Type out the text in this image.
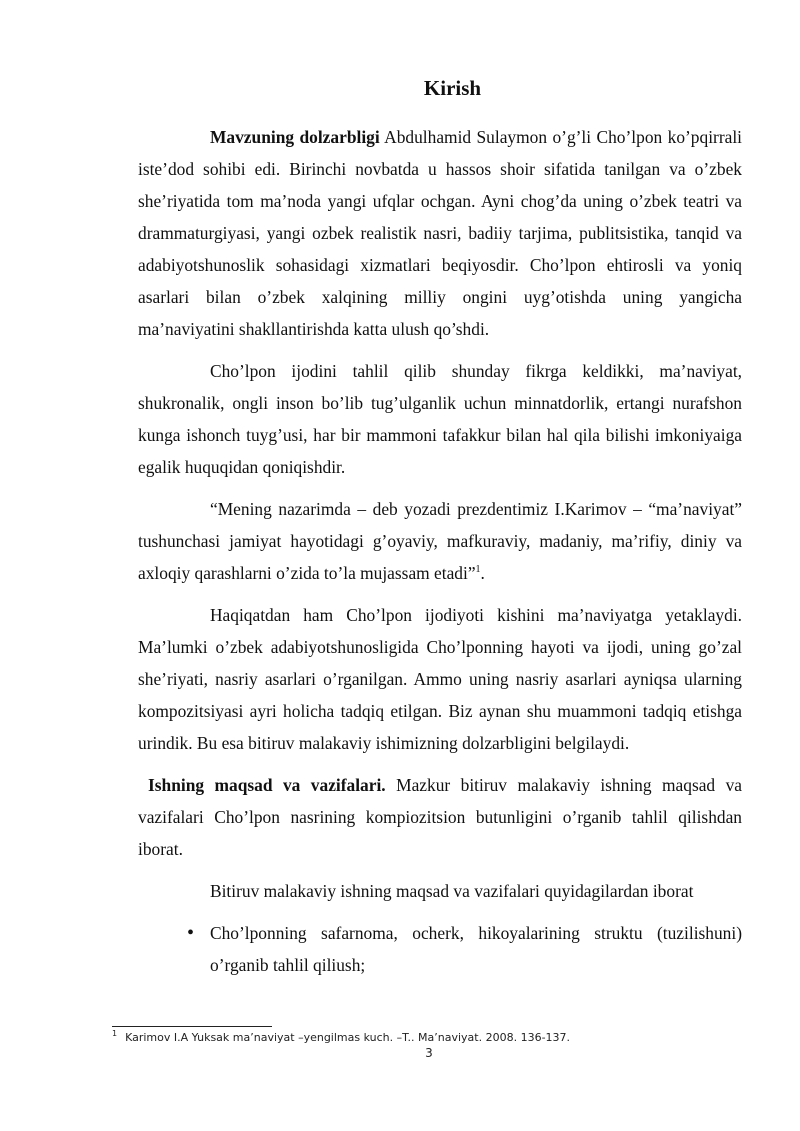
Kirish

Mavzuning dolzarbligi Abdulhamid Sulaymon o’g’li Cho’lpon ko’pqirrali iste’dod sohibi edi. Birinchi novbatda u hassos shoir sifatida tanilgan va o’zbek she’riyatida tom ma’noda yangi ufqlar ochgan. Ayni chog’da uning o’zbek teatri va drammaturgiyasi, yangi ozbek realistik nasri, badiiy tarjima, publitsistika, tanqid va adabiyotshunoslik sohasidagi xizmatlari beqiyosdir. Cho’lpon ehtirosli va yoniq asarlari bilan o’zbek xalqining milliy ongini uyg’otishda uning yangicha ma’naviyatini shakllantirishda katta ulush qo’shdi.

Cho’lpon ijodini tahlil qilib shunday fikrga keldikki, ma’naviyat, shukronalik, ongli inson bo’lib tug’ulganlik uchun minnatdorlik, ertangi nurafshon kunga ishonch tuyg’usi, har bir mammoni tafakkur bilan hal qila bilishi imkoniyaiga egalik huquqidan qoniqishdir.

“Mening nazarimda – deb yozadi prezdentimiz I.Karimov – “ma’naviyat” tushunchasi jamiyat hayotidagi g’oyaviy, mafkuraviy, madaniy, ma’rifiy, diniy va axloqiy qarashlarni o’zida to’la mujassam etadi”$^1$.

Haqiqatdan ham Cho’lpon ijodiyoti kishini ma’naviyatga yetaklaydi. Ma’lumki o’zbek adabiyotshunosligida Cho’lponning hayoti va ijodi, uning go’zal she’riyati, nasriy asarlari o’rganilgan. Ammo uning nasriy asarlari ayniqsa ularning kompozitsiyasi ayri holicha tadqiq etilgan. Biz aynan shu muammoni tadqiq etishga urindik. Bu esa bitiruv malakaviy ishimizning dolzarbligini belgilaydi.

Ishning maqsad va vazifalari. Mazkur bitiruv malakaviy ishning maqsad va vazifalari Cho’lpon nasrining kompiozitsion butunligini o’rganib tahlil qilishdan iborat.

Bitiruv malakaviy ishning maqsad va vazifalari quyidagilardan iborat

• Cho’lponning safarnoma, ocherk, hikoyalarining struktu (tuzilishuni) o’rganib tahlil qiliush;
$^1$ Karimov I.A Yuksak ma’naviyat –yengilmas kuch. –T.. Ma’naviyat. 2008. 136-137.
3
